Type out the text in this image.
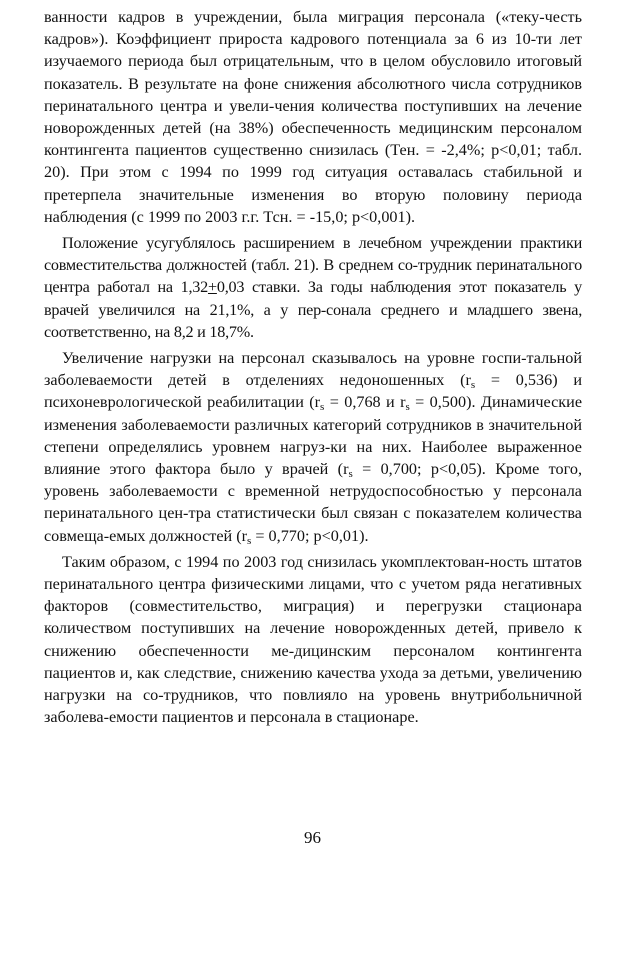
ванности кадров в учреждении, была миграция персонала («теку-честь кадров»). Коэффициент прироста кадрового потенциала за 6 из 10-ти лет изучаемого периода был отрицательным, что в целом обусловило итоговый показатель. В результате на фоне снижения абсолютного числа сотрудников перинатального центра и увели-чения количества поступивших на лечение новорожденных детей (на 38%) обеспеченность медицинским персоналом контингента пациентов существенно снизилась (Тен. = -2,4%; p<0,01; табл. 20). При этом с 1994 по 1999 год ситуация оставалась стабильной и претерпела значительные изменения во вторую половину периода наблюдения (с 1999 по 2003 г.г. Тсн. = -15,0; p<0,001).

Положение усугублялось расширением в лечебном учреждении практики совместительства должностей (табл. 21). В среднем со-трудник перинатального центра работал на 1,32+0,03 ставки. За годы наблюдения этот показатель у врачей увеличился на 21,1%, а у пер-сонала среднего и младшего звена, соответственно, на 8,2 и 18,7%.

Увеличение нагрузки на персонал сказывалось на уровне госпи-тальной заболеваемости детей в отделениях недоношенных $(r_s = 0,536)$ и психоневрологической реабилитации ($r_s = 0,768$ и $r_s = 0,500$). Динамические изменения заболеваемости различных категорий сотрудников в значительной степени определялись уровнем нагруз-ки на них. Наиболее выраженное влияние этого фактора было у врачей ($r_s = 0,700$; p<0,05). Кроме того, уровень заболеваемости с временной нетрудоспособностью у персонала перинатального цен-тра статистически был связан с показателем количества совмеща-емых должностей ($r_s = 0,770$; p<0,01).

Таким образом, с 1994 по 2003 год снизилась укомплектован-ность штатов перинатального центра физическими лицами, что с учетом ряда негативных факторов (совместительство, миграция) и перегрузки стационара количеством поступивших на лечение новорожденных детей, привело к снижению обеспеченности ме-дицинским персоналом контингента пациентов и, как следствие, снижению качества ухода за детьми, увеличению нагрузки на со-трудников, что повлияло на уровень внутрибольничной заболева-емости пациентов и персонала в стационаре.

96
